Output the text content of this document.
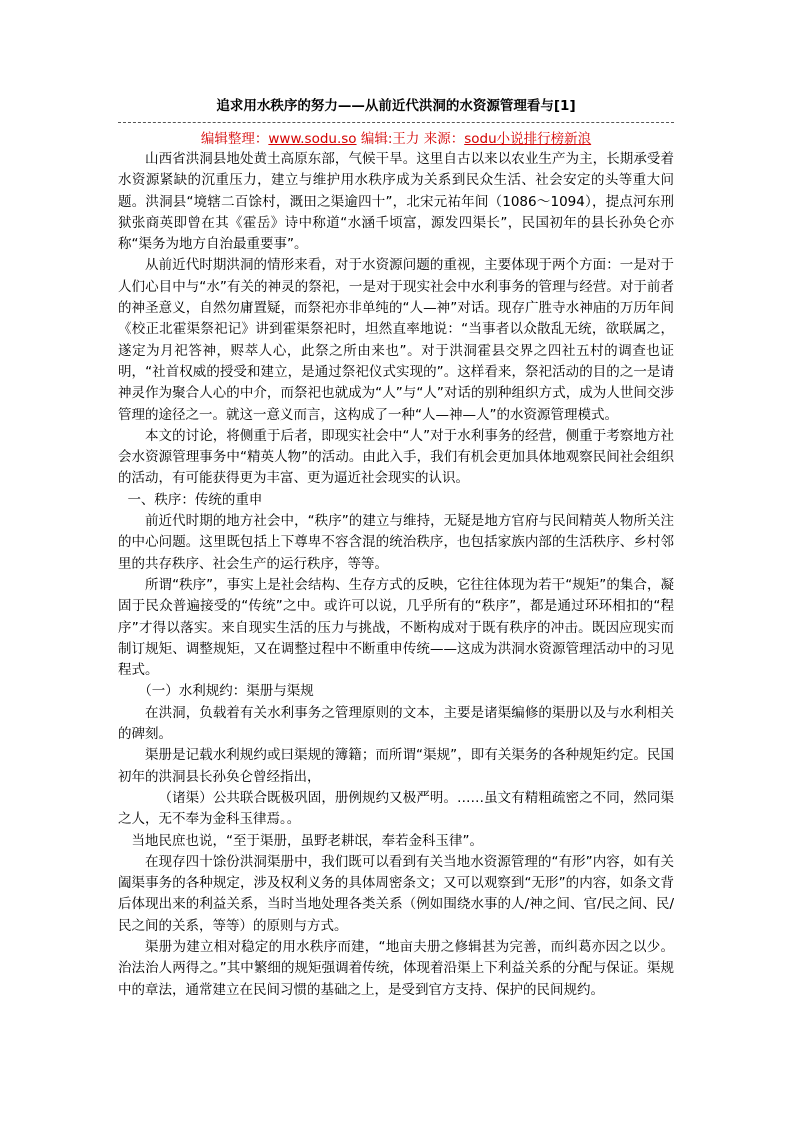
追求用水秩序的努力——从前近代洪洞的水资源管理看与[1]
编辑整理：www.sodu.so 编辑:王力 来源：sodu小说排行榜新浪

山西省洪洞县地处黄土高原东部，气候干旱。这里自古以来以农业生产为主，长期承受着水资源紧缺的沉重压力，建立与维护用水秩序成为关系到民众生活、社会安定的头等重大问题。洪洞县“境辖二百馀村，溉田之渠逾四十”，北宋元祐年间（1086～1094），提点河东刑狱张商英即曾在其《霍岳》诗中称道“水涵千顷富，源发四渠长”，民国初年的县长孙奂仑亦称“渠务为地方自治最重要事”。

从前近代时期洪洞的情形来看，对于水资源问题的重视，主要体现于两个方面：一是对于人们心目中与“水”有关的神灵的祭祀，一是对于现实社会中水利事务的管理与经营。对于前者的神圣意义，自然勿庸置疑，而祭祀亦非单纯的“人—神”对话。现存广胜寺水神庙的万历年间《校正北霍渠祭祀记》讲到霍渠祭祀时，坦然直率地说：“当事者以众散乱无统，欲联属之，遂定为月祀答神，赆萃人心，此祭之所由来也”。对于洪洞霍县交界之四社五村的调查也证明，“社首权威的授受和建立，是通过祭祀仪式实现的”。这样看来，祭祀活动的目的之一是请神灵作为聚合人心的中介，而祭祀也就成为“人”与“人”对话的别种组织方式，成为人世间交涉管理的途径之一。就这一意义而言，这构成了一种“人—神—人”的水资源管理模式。

本文的讨论，将侧重于后者，即现实社会中“人”对于水利事务的经营，侧重于考察地方社会水资源管理事务中“精英人物”的活动。由此入手，我们有机会更加具体地观察民间社会组织的活动，有可能获得更为丰富、更为逼近社会现实的认识。

一、秩序：传统的重申

前近代时期的地方社会中，“秩序”的建立与维持，无疑是地方官府与民间精英人物所关注的中心问题。这里既包括上下尊卑不容含混的统治秩序，也包括家族内部的生活秩序、乡村邻里的共存秩序、社会生产的运行秩序，等等。

所谓“秩序”，事实上是社会结构、生存方式的反映，它往往体现为若干“规矩”的集合，凝固于民众普遍接受的“传统”之中。或许可以说，几乎所有的“秩序”，都是通过环环相扣的“程序”才得以落实。来自现实生活的压力与挑战，不断构成对于既有秩序的冲击。既因应现实而制订规矩、调整规矩，又在调整过程中不断重申传统——这成为洪洞水资源管理活动中的习见程式。

（一）水利规约：渠册与渠规

在洪洞，负载着有关水利事务之管理原则的文本，主要是诸渠编修的渠册以及与水利相关的碑刻。

渠册是记载水利规约或曰渠规的簿籍；而所谓“渠规”，即有关渠务的各种规矩约定。民国初年的洪洞县长孙奂仑曾经指出，

（诸渠）公共联合既极巩固，册例规约又极严明。……虽文有精粗疏密之不同，然同渠之人，无不奉为金科玉律焉。。

当地民庶也说，“至于渠册，虽野老耕氓，奉若金科玉律”。

在现存四十馀份洪洞渠册中，我们既可以看到有关当地水资源管理的“有形”内容，如有关阖渠事务的各种规定，涉及权利义务的具体周密条文；又可以观察到“无形”的内容，如条文背后体现出来的利益关系，当时当地处理各类关系（例如围绕水事的人/神之间、官/民之间、民/民之间的关系，等等）的原则与方式。

渠册为建立相对稳定的用水秩序而建，“地亩夫册之修辑甚为完善，而纠葛亦因之以少。治法治人两得之。”其中繁细的规矩强调着传统，体现着沿渠上下利益关系的分配与保证。渠规中的章法，通常建立在民间习惯的基础之上，是受到官方支持、保护的民间规约。
